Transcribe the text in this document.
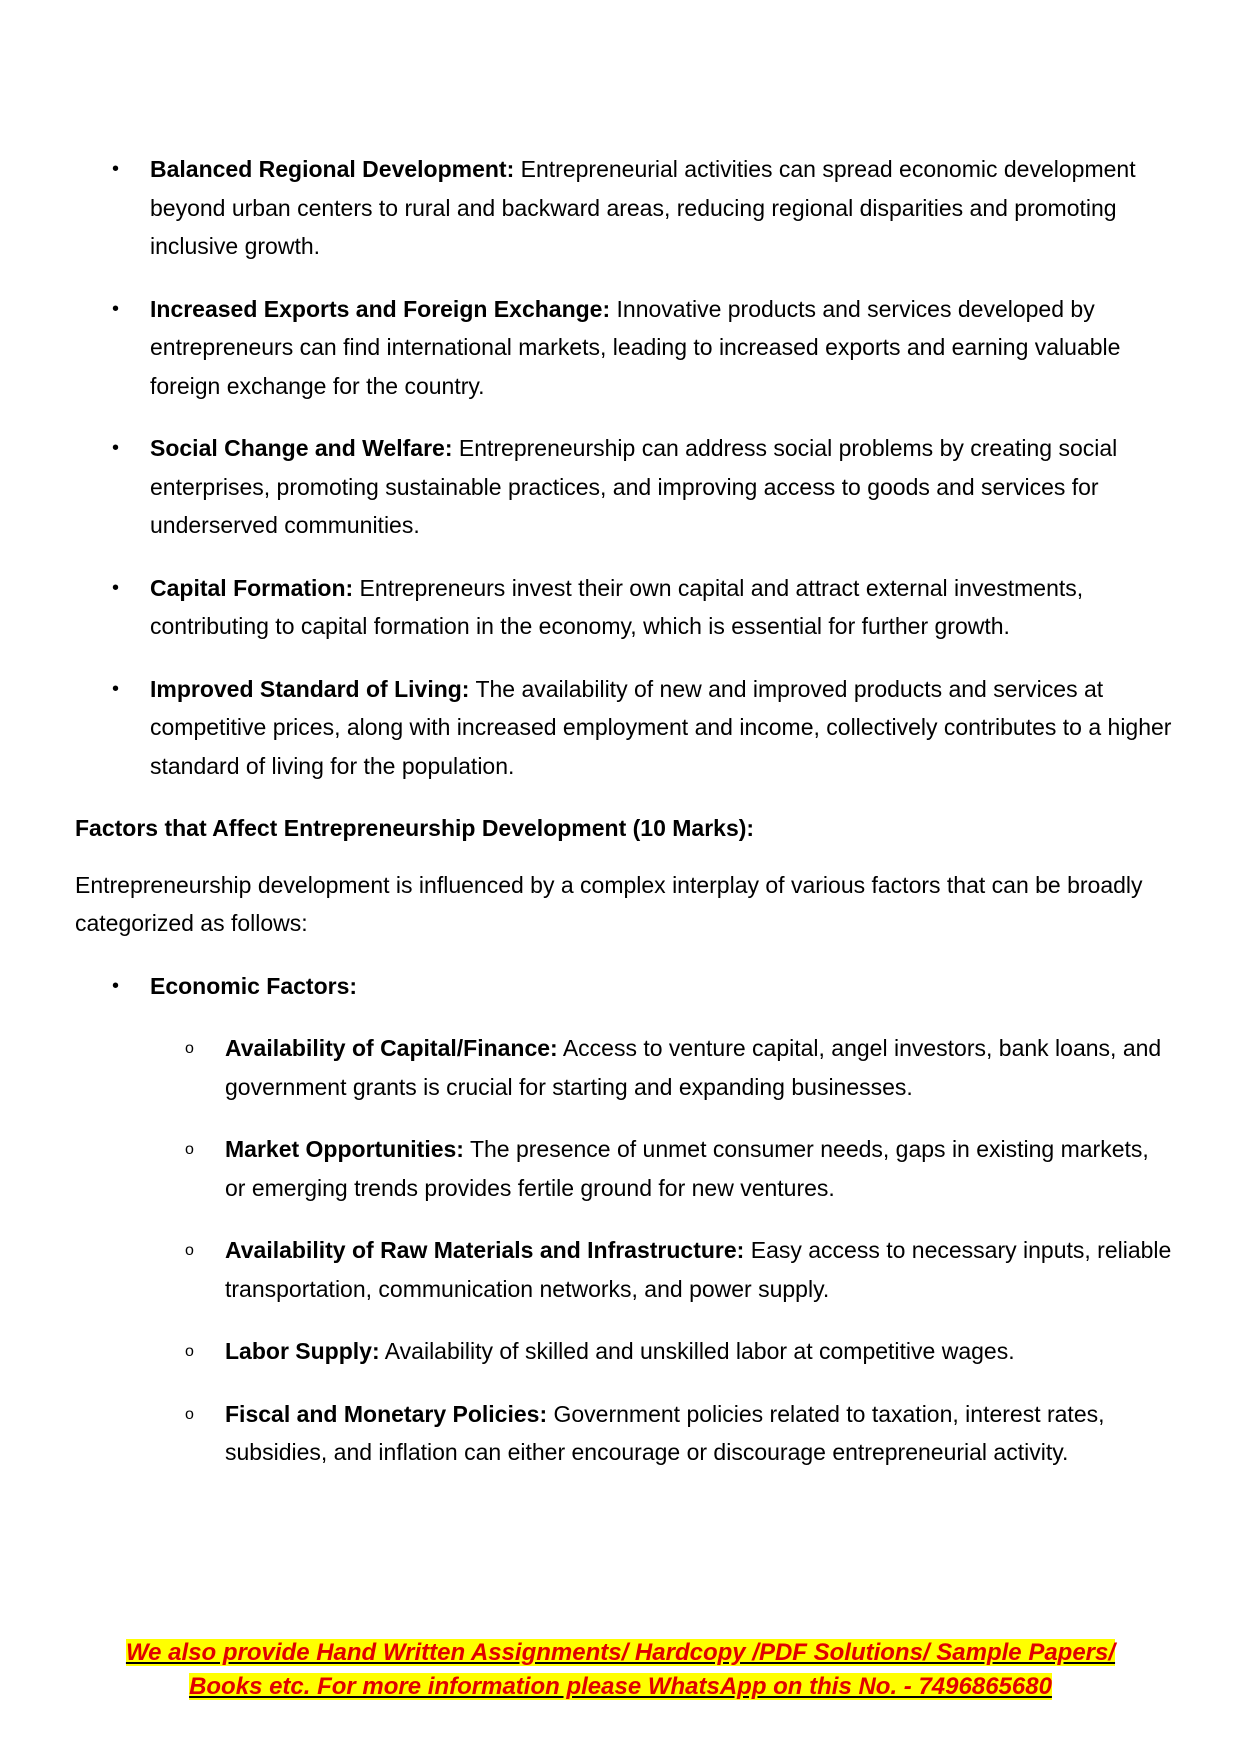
• Balanced Regional Development: Entrepreneurial activities can spread economic development beyond urban centers to rural and backward areas, reducing regional disparities and promoting inclusive growth.
• Increased Exports and Foreign Exchange: Innovative products and services developed by entrepreneurs can find international markets, leading to increased exports and earning valuable foreign exchange for the country.
• Social Change and Welfare: Entrepreneurship can address social problems by creating social enterprises, promoting sustainable practices, and improving access to goods and services for underserved communities.
• Capital Formation: Entrepreneurs invest their own capital and attract external investments, contributing to capital formation in the economy, which is essential for further growth.
• Improved Standard of Living: The availability of new and improved products and services at competitive prices, along with increased employment and income, collectively contributes to a higher standard of living for the population.

Factors that Affect Entrepreneurship Development (10 Marks):

Entrepreneurship development is influenced by a complex interplay of various factors that can be broadly categorized as follows:

• Economic Factors:
o Availability of Capital/Finance: Access to venture capital, angel investors, bank loans, and government grants is crucial for starting and expanding businesses.
o Market Opportunities: The presence of unmet consumer needs, gaps in existing markets, or emerging trends provides fertile ground for new ventures.
o Availability of Raw Materials and Infrastructure: Easy access to necessary inputs, reliable transportation, communication networks, and power supply.
o Labor Supply: Availability of skilled and unskilled labor at competitive wages.
o Fiscal and Monetary Policies: Government policies related to taxation, interest rates, subsidies, and inflation can either encourage or discourage entrepreneurial activity.
We also provide Hand Written Assignments/ Hardcopy /PDF Solutions/ Sample Papers/
Books etc. For more information please WhatsApp on this No. - 7496865680
